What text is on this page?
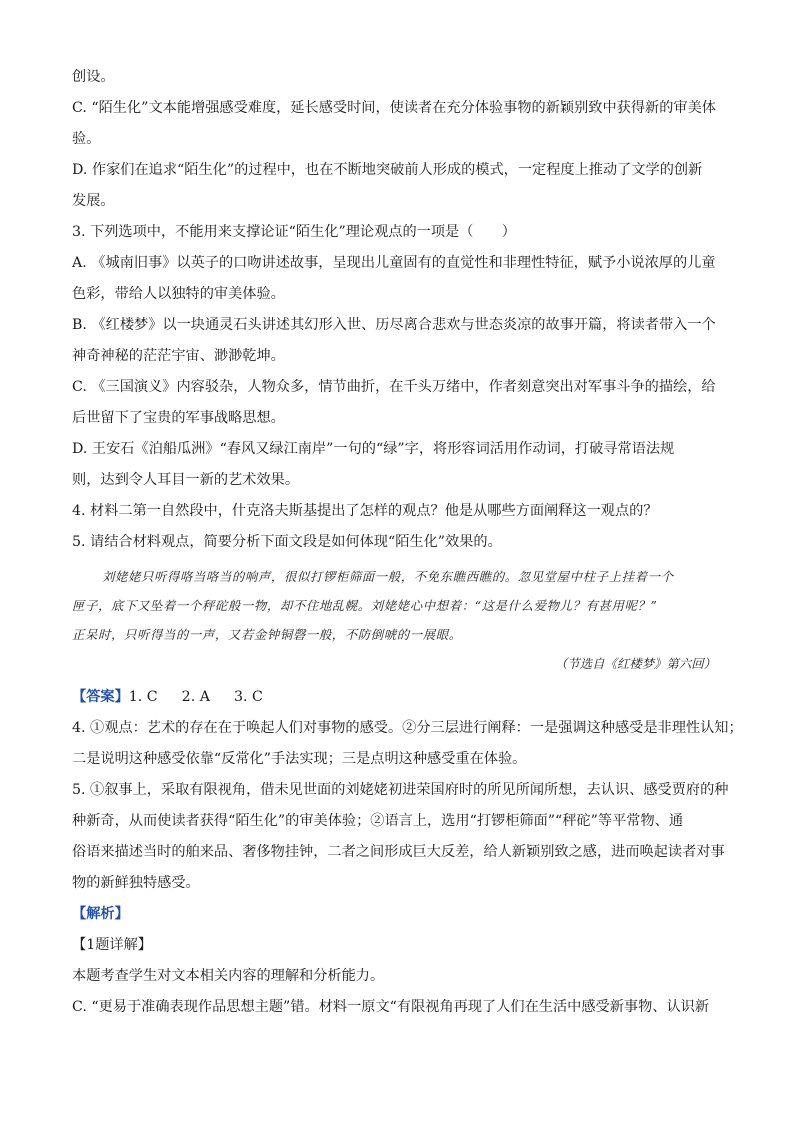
创设。

C. “陌生化”文本能增强感受难度，延长感受时间，使读者在充分体验事物的新颖别致中获得新的审美体

验。

D. 作家们在追求“陌生化”的过程中，也在不断地突破前人形成的模式，一定程度上推动了文学的创新

发展。

3. 下列选项中，不能用来支撑论证“陌生化”理论观点的一项是（　　）

A. 《城南旧事》以英子的口吻讲述故事，呈现出儿童固有的直觉性和非理性特征，赋予小说浓厚的儿童

色彩，带给人以独特的审美体验。

B. 《红楼梦》以一块通灵石头讲述其幻形入世、历尽离合悲欢与世态炎凉的故事开篇，将读者带入一个

神奇神秘的茫茫宇宙、渺渺乾坤。

C. 《三国演义》内容驳杂，人物众多，情节曲折，在千头万绪中，作者刻意突出对军事斗争的描绘，给

后世留下了宝贵的军事战略思想。

D. 王安石《泊船瓜洲》“春风又绿江南岸”一句的“绿”字，将形容词活用作动词，打破寻常语法规

则，达到令人耳目一新的艺术效果。

4. 材料二第一自然段中，什克洛夫斯基提出了怎样的观点？他是从哪些方面阐释这一观点的？

5. 请结合材料观点，简要分析下面文段是如何体现“陌生化”效果的。

刘姥姥只听得咯当咯当的响声，很似打锣柜筛面一般，不免东瞧西瞧的。忽见堂屋中柱子上挂着一个

匣子，底下又坠着一个秤砣般一物，却不住地乱幌。刘姥姥心中想着：“这是什么爱物儿？有甚用呢？”

正呆时，只听得当的一声，又若金钟铜磬一般，不防倒唬的一展眼。

（节选自《红楼梦》第六回）

【答案】1. C 2. A 3. C

4. ①观点：艺术的存在在于唤起人们对事物的感受。②分三层进行阐释：一是强调这种感受是非理性认知；

二是说明这种感受依靠“反常化”手法实现；三是点明这种感受重在体验。

5. ①叙事上，采取有限视角，借未见世面的刘姥姥初进荣国府时的所见所闻所想，去认识、感受贾府的种

种新奇，从而使读者获得“陌生化”的审美体验；②语言上，选用“打锣柜筛面”“秤砣”等平常物、通

俗语来描述当时的舶来品、奢侈物挂钟，二者之间形成巨大反差，给人新颖别致之感，进而唤起读者对事

物的新鲜独特感受。

【解析】

【1题详解】

本题考查学生对文本相关内容的理解和分析能力。

C. “更易于准确表现作品思想主题”错。材料一原文“有限视角再现了人们在生活中感受新事物、认识新
